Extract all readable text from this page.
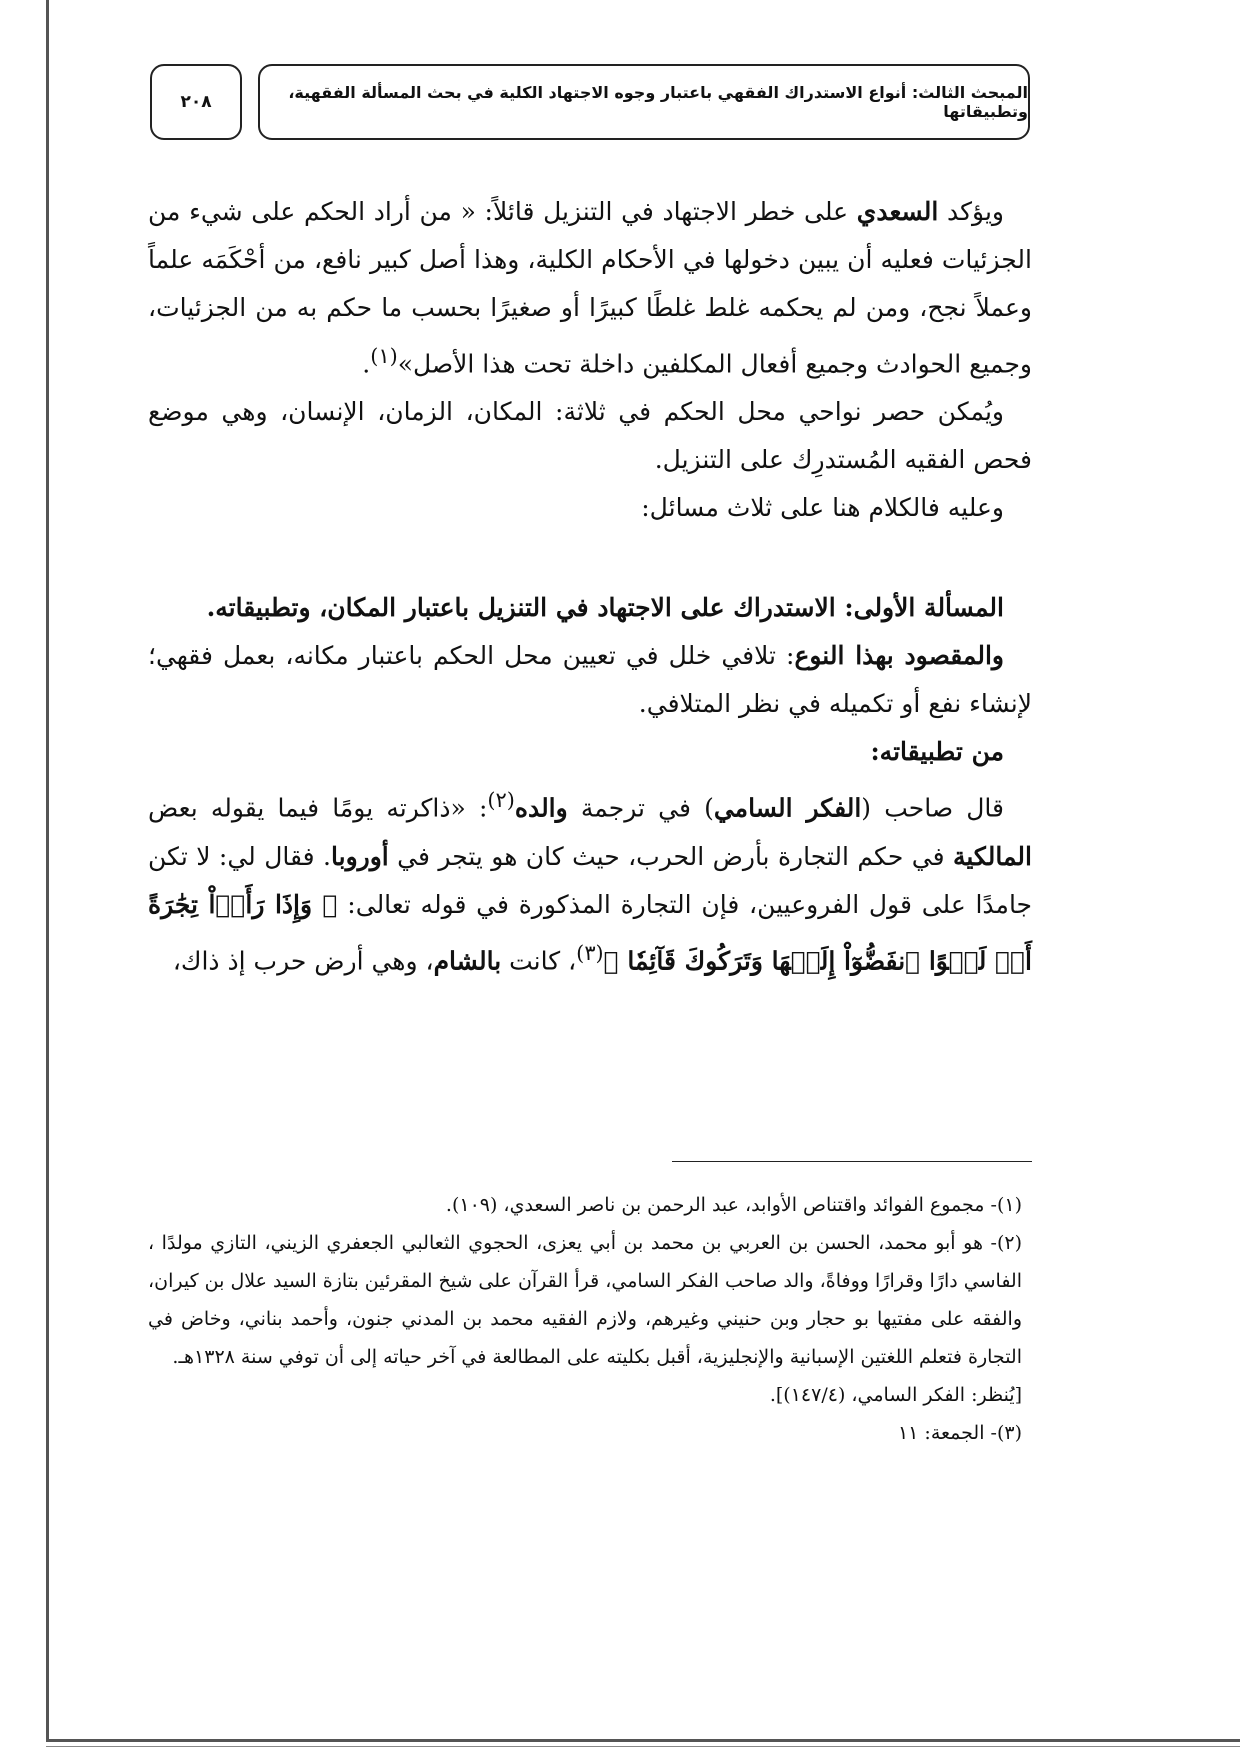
المبحث الثالث: أنواع الاستدراك الفقهي باعتبار وجوه الاجتهاد الكلية في بحث المسألة الفقهية، وتطبيقاتها
٢٠٨

ويؤكد السعدي على خطر الاجتهاد في التنزيل قائلاً: « من أراد الحكم على شيء من الجزئيات فعليه أن يبين دخولها في الأحكام الكلية، وهذا أصل كبير نافع، من أحْكَمَه علماً وعملاً نجح، ومن لم يحكمه غلط غلطًا كبيرًا أو صغيرًا بحسب ما حكم به من الجزئيات، وجميع الحوادث وجميع أفعال المكلفين داخلة تحت هذا الأصل»$^{(١)}$.

ويُمكن حصر نواحي محل الحكم في ثلاثة: المكان، الزمان، الإنسان، وهي موضع فحص الفقيه المُستدرِك على التنزيل.

وعليه فالكلام هنا على ثلاث مسائل:

المسألة الأولى: الاستدراك على الاجتهاد في التنزيل باعتبار المكان، وتطبيقاته.

والمقصود بهذا النوع: تلافي خلل في تعيين محل الحكم باعتبار مكانه، بعمل فقهي؛ لإنشاء نفع أو تكميله في نظر المتلافي.

من تطبيقاته:

قال صاحب (الفكر السامي) في ترجمة والده$^{(٢)}$: «ذاكرته يومًا فيما يقوله بعض المالكية في حكم التجارة بأرض الحرب، حيث كان هو يتجر في أوروبا. فقال لي: لا تكن جامدًا على قول الفروعيين، فإن التجارة المذكورة في قوله تعالى: ﴿ وَإِذَا رَأَوۡاْ تِجَٰرَةً أَوۡ لَهۡوًا ٱنفَضُّوٓاْ إِلَيۡهَا وَتَرَكُوكَ قَآئِمٗا ﴾$^{(٣)}$، كانت بالشام، وهي أرض حرب إذ ذاك،

(١)- مجموع الفوائد واقتناص الأوابد، عبد الرحمن بن ناصر السعدي، (١٠٩).

(٢)- هو أبو محمد، الحسن بن العربي بن محمد بن أبي يعزى، الحجوي الثعالبي الجعفري الزيني، التازي مولدًا ، الفاسي دارًا وقرارًا ووفاةً، والد صاحب الفكر السامي، قرأ القرآن على شيخ المقرئين بتازة السيد علال بن كيران، والفقه على مفتيها بو حجار وبن حنيني وغيرهم، ولازم الفقيه محمد بن المدني جنون، وأحمد بناني، وخاض في التجارة فتعلم اللغتين الإسبانية والإنجليزية، أقبل بكليته على المطالعة في آخر حياته إلى أن توفي سنة ١٣٢٨هـ.

[يُنظر: الفكر السامي، (١٤٧/٤)].

(٣)- الجمعة: ١١
